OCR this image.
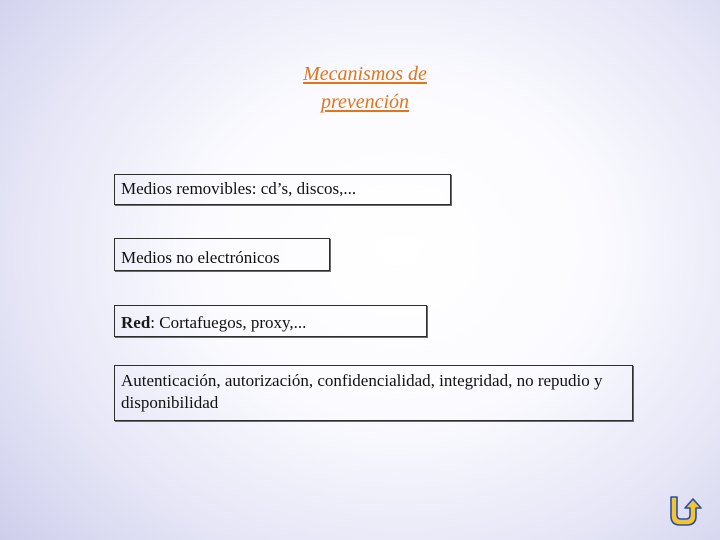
Mecanismos de
prevención
Medios removibles: cd’s, discos,...
Medios no electrónicos
Red: Cortafuegos, proxy,...
Autenticación, autorización, confidencialidad, integridad, no repudio y disponibilidad
